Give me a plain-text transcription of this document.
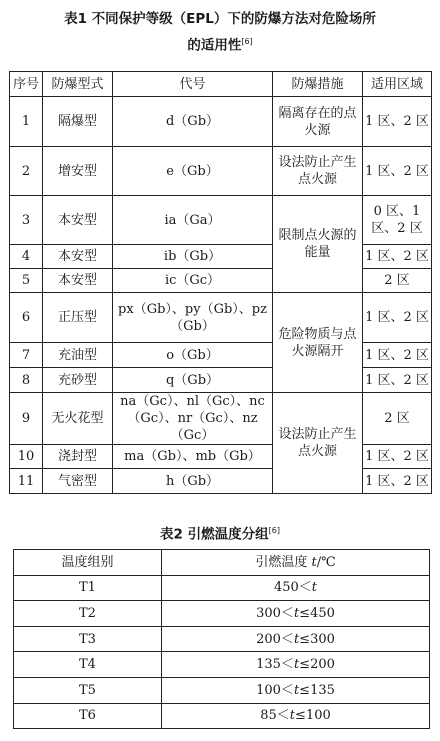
表1 不同保护等级（EPL）下的防爆方法对危险场所
的适用性[6]
序号	防爆型式	代号	防爆措施	适用区域
1	隔爆型	d（Gb）	隔离存在的点火源	1 区、2 区
2	增安型	e（Gb）	设法防止产生点火源	1 区、2 区
3	本安型	ia（Ga）	限制点火源的能量	0 区、1 区、2 区
4	本安型	ib（Gb）		1 区、2 区
5	本安型	ic（Gc）		2 区
6	正压型	px（Gb）、py（Gb）、pz（Gb）	危险物质与点火源隔开	1 区、2 区
7	充油型	o（Gb）		1 区、2 区
8	充砂型	q（Gb）		1 区、2 区
9	无火花型	na（Gc）、nl（Gc）、nc（Gc）、nr（Gc）、nz（Gc）	设法防止产生点火源	2 区
10	浇封型	ma（Gb）、mb（Gb）		1 区、2 区
11	气密型	h（Gb）		1 区、2 区
表2 引燃温度分组[6]
温度组别	引燃温度 t/℃
T1	450＜t
T2	300＜t≤450
T3	200＜t≤300
T4	135＜t≤200
T5	100＜t≤135
T6	85＜t≤100
